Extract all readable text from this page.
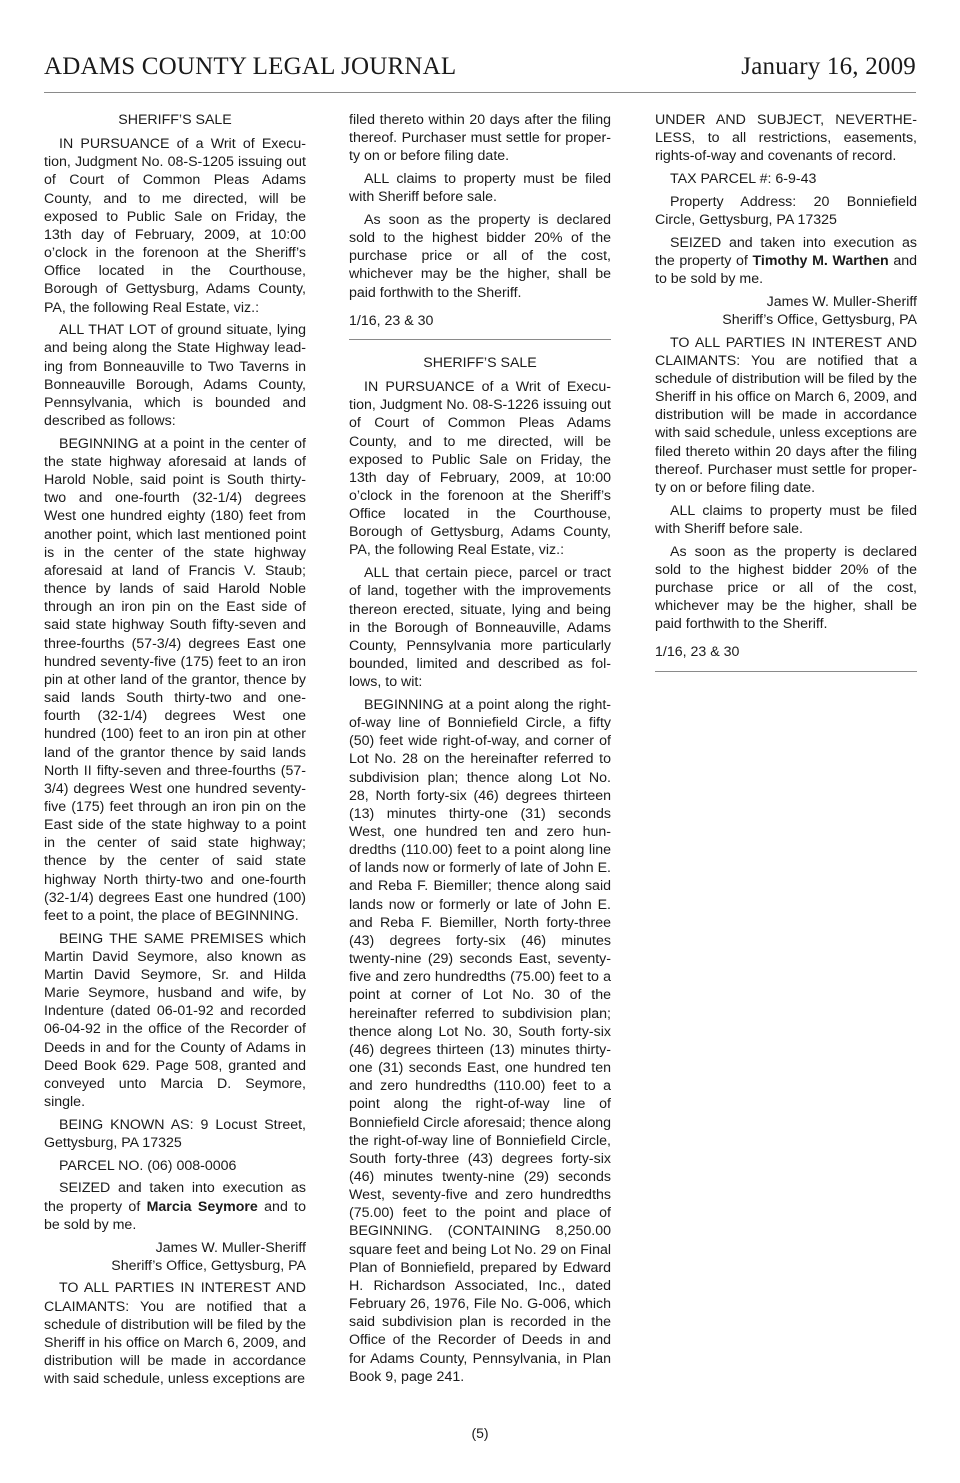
ADAMS COUNTY LEGAL JOURNAL	January 16, 2009

SHERIFF’S SALE

IN PURSUANCE of a Writ of Execution, Judgment No. 08-S-1205 issuing out of Court of Common Pleas Adams County, and to me directed, will be exposed to Public Sale on Friday, the 13th day of February, 2009, at 10:00 o’clock in the forenoon at the Sheriff’s Office located in the Courthouse, Borough of Gettysburg, Adams County, PA, the following Real Estate, viz.:

ALL THAT LOT of ground situate, lying and being along the State Highway leading from Bonneauville to Two Taverns in Bonneauville Borough, Adams County, Pennsylvania, which is bounded and described as follows:

BEGINNING at a point in the center of the state highway aforesaid at lands of Harold Noble, said point is South thirty-two and one-fourth (32-1/4) degrees West one hundred eighty (180) feet from another point, which last mentioned point is in the center of the state highway aforesaid at land of Francis V. Staub; thence by lands of said Harold Noble through an iron pin on the East side of said state highway South fifty-seven and three-fourths (57-3/4) degrees East one hundred seventy-five (175) feet to an iron pin at other land of the grantor, thence by said lands South thirty-two and one-fourth (32-1/4) degrees West one hundred (100) feet to an iron pin at other land of the grantor thence by said lands North II fifty-seven and three-fourths (57-3/4) degrees West one hundred seventy-five (175) feet through an iron pin on the East side of the state highway to a point in the center of said state highway; thence by the center of said state highway North thirty-two and one-fourth (32-1/4) degrees East one hundred (100) feet to a point, the place of BEGINNING.

BEING THE SAME PREMISES which Martin David Seymore, also known as Martin David Seymore, Sr. and Hilda Marie Seymore, husband and wife, by Indenture (dated 06-01-92 and recorded 06-04-92 in the office of the Recorder of Deeds in and for the County of Adams in Deed Book 629. Page 508, granted and conveyed unto Marcia D. Seymore, single.

BEING KNOWN AS: 9 Locust Street, Gettysburg, PA 17325

PARCEL NO. (06) 008-0006

SEIZED and taken into execution as the property of Marcia Seymore and to be sold by me.

James W. Muller-Sheriff

Sheriff’s Office, Gettysburg, PA

TO ALL PARTIES IN INTEREST AND CLAIMANTS: You are notified that a schedule of distribution will be filed by the Sheriff in his office on March 6, 2009, and distribution will be made in accordance with said schedule, unless exceptions are

filed thereto within 20 days after the filing thereof. Purchaser must settle for property on or before filing date.

ALL claims to property must be filed with Sheriff before sale.

As soon as the property is declared sold to the highest bidder 20% of the purchase price or all of the cost, whichever may be the higher, shall be paid forthwith to the Sheriff.

1/16, 23 & 30

SHERIFF’S SALE

IN PURSUANCE of a Writ of Execution, Judgment No. 08-S-1226 issuing out of Court of Common Pleas Adams County, and to me directed, will be exposed to Public Sale on Friday, the 13th day of February, 2009, at 10:00 o’clock in the forenoon at the Sheriff’s Office located in the Courthouse, Borough of Gettysburg, Adams County, PA, the following Real Estate, viz.:

ALL that certain piece, parcel or tract of land, together with the improvements thereon erected, situate, lying and being in the Borough of Bonneauville, Adams County, Pennsylvania more particularly bounded, limited and described as follows, to wit:

BEGINNING at a point along the right-of-way line of Bonniefield Circle, a fifty (50) feet wide right-of-way, and corner of Lot No. 28 on the hereinafter referred to subdivision plan; thence along Lot No. 28, North forty-six (46) degrees thirteen (13) minutes thirty-one (31) seconds West, one hundred ten and zero hundredths (110.00) feet to a point along line of lands now or formerly of late of John E. and Reba F. Biemiller; thence along said lands now or formerly or late of John E. and Reba F. Biemiller, North forty-three (43) degrees forty-six (46) minutes twenty-nine (29) seconds East, seventy-five and zero hundredths (75.00) feet to a point at corner of Lot No. 30 of the hereinafter referred to subdivision plan; thence along Lot No. 30, South forty-six (46) degrees thirteen (13) minutes thirty-one (31) seconds East, one hundred ten and zero hundredths (110.00) feet to a point along the right-of-way line of Bonniefield Circle aforesaid; thence along the right-of-way line of Bonniefield Circle, South forty-three (43) degrees forty-six (46) minutes twenty-nine (29) seconds West, seventy-five and zero hundredths (75.00) feet to the point and place of BEGINNING. (CONTAINING 8,250.00 square feet and being Lot No. 29 on Final Plan of Bonniefield, prepared by Edward H. Richardson Associated, Inc., dated February 26, 1976, File No. G-006, which said subdivision plan is recorded in the Office of the Recorder of Deeds in and for Adams County, Pennsylvania, in Plan Book 9, page 241.

UNDER AND SUBJECT, NEVERTHELESS, to all restrictions, easements, rights-of-way and covenants of record.

TAX PARCEL #: 6-9-43

Property Address: 20 Bonniefield Circle, Gettysburg, PA 17325

SEIZED and taken into execution as the property of Timothy M. Warthen and to be sold by me.

James W. Muller-Sheriff

Sheriff’s Office, Gettysburg, PA

TO ALL PARTIES IN INTEREST AND CLAIMANTS: You are notified that a schedule of distribution will be filed by the Sheriff in his office on March 6, 2009, and distribution will be made in accordance with said schedule, unless exceptions are filed thereto within 20 days after the filing thereof. Purchaser must settle for property on or before filing date.

ALL claims to property must be filed with Sheriff before sale.

As soon as the property is declared sold to the highest bidder 20% of the purchase price or all of the cost, whichever may be the higher, shall be paid forthwith to the Sheriff.

1/16, 23 & 30

(5)
